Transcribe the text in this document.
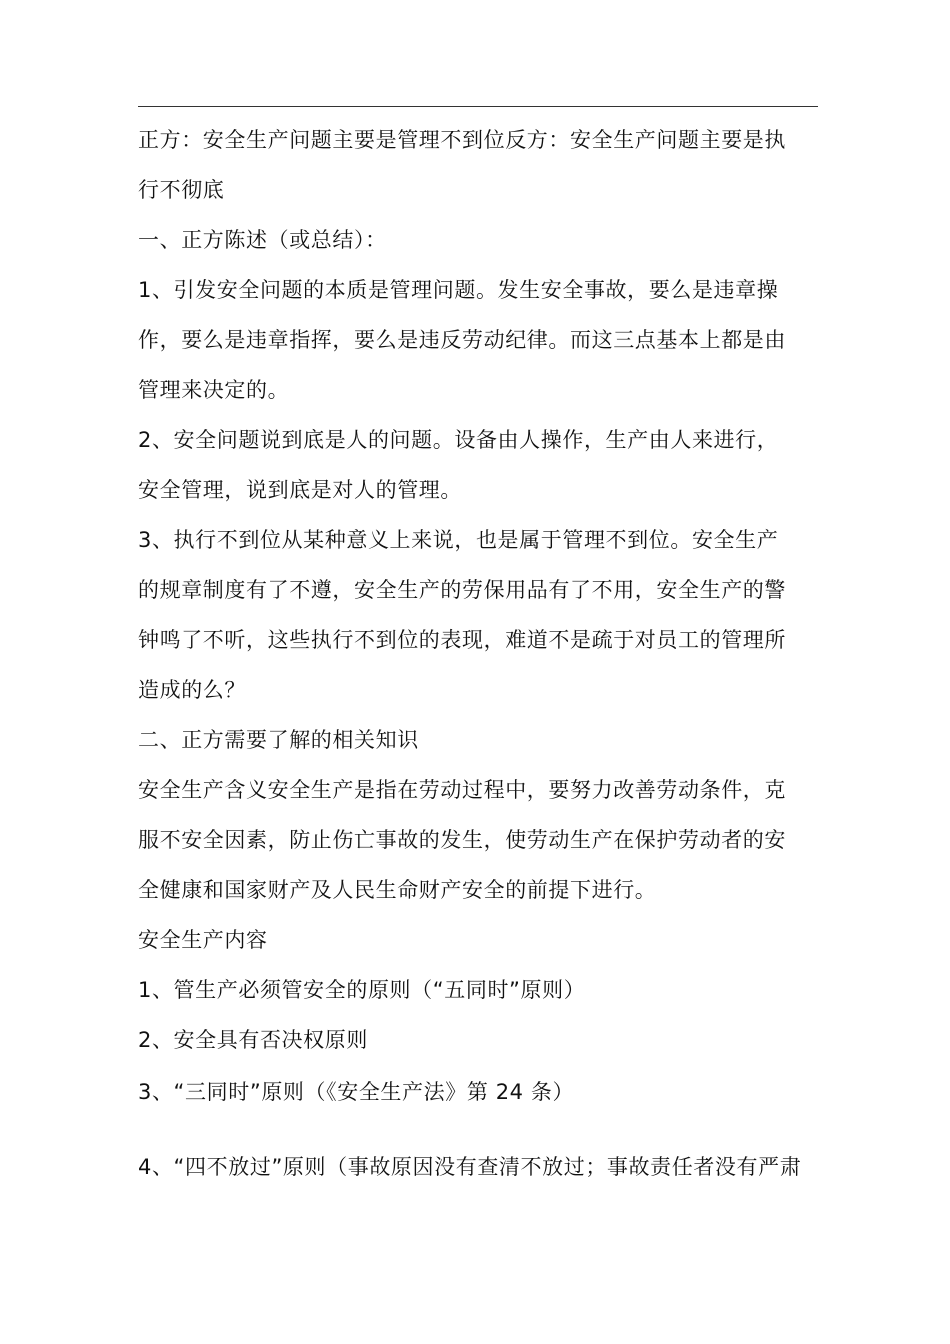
正方：安全生产问题主要是管理不到位反方：安全生产问题主要是执
行不彻底
一、正方陈述（或总结）：
1、引发安全问题的本质是管理问题。发生安全事故，要么是违章操
作，要么是违章指挥，要么是违反劳动纪律。而这三点基本上都是由
管理来决定的。
2、安全问题说到底是人的问题。设备由人操作，生产由人来进行，
安全管理，说到底是对人的管理。
3、执行不到位从某种意义上来说，也是属于管理不到位。安全生产
的规章制度有了不遵，安全生产的劳保用品有了不用，安全生产的警
钟鸣了不听，这些执行不到位的表现，难道不是疏于对员工的管理所
造成的么？
二、正方需要了解的相关知识
安全生产含义安全生产是指在劳动过程中，要努力改善劳动条件，克
服不安全因素，防止伤亡事故的发生，使劳动生产在保护劳动者的安
全健康和国家财产及人民生命财产安全的前提下进行。
安全生产内容
1、管生产必须管安全的原则（“五同时”原则）
2、安全具有否决权原则
3、“三同时”原则（《安全生产法》第 24 条）
4、“四不放过”原则（事故原因没有查清不放过；事故责任者没有严肃
